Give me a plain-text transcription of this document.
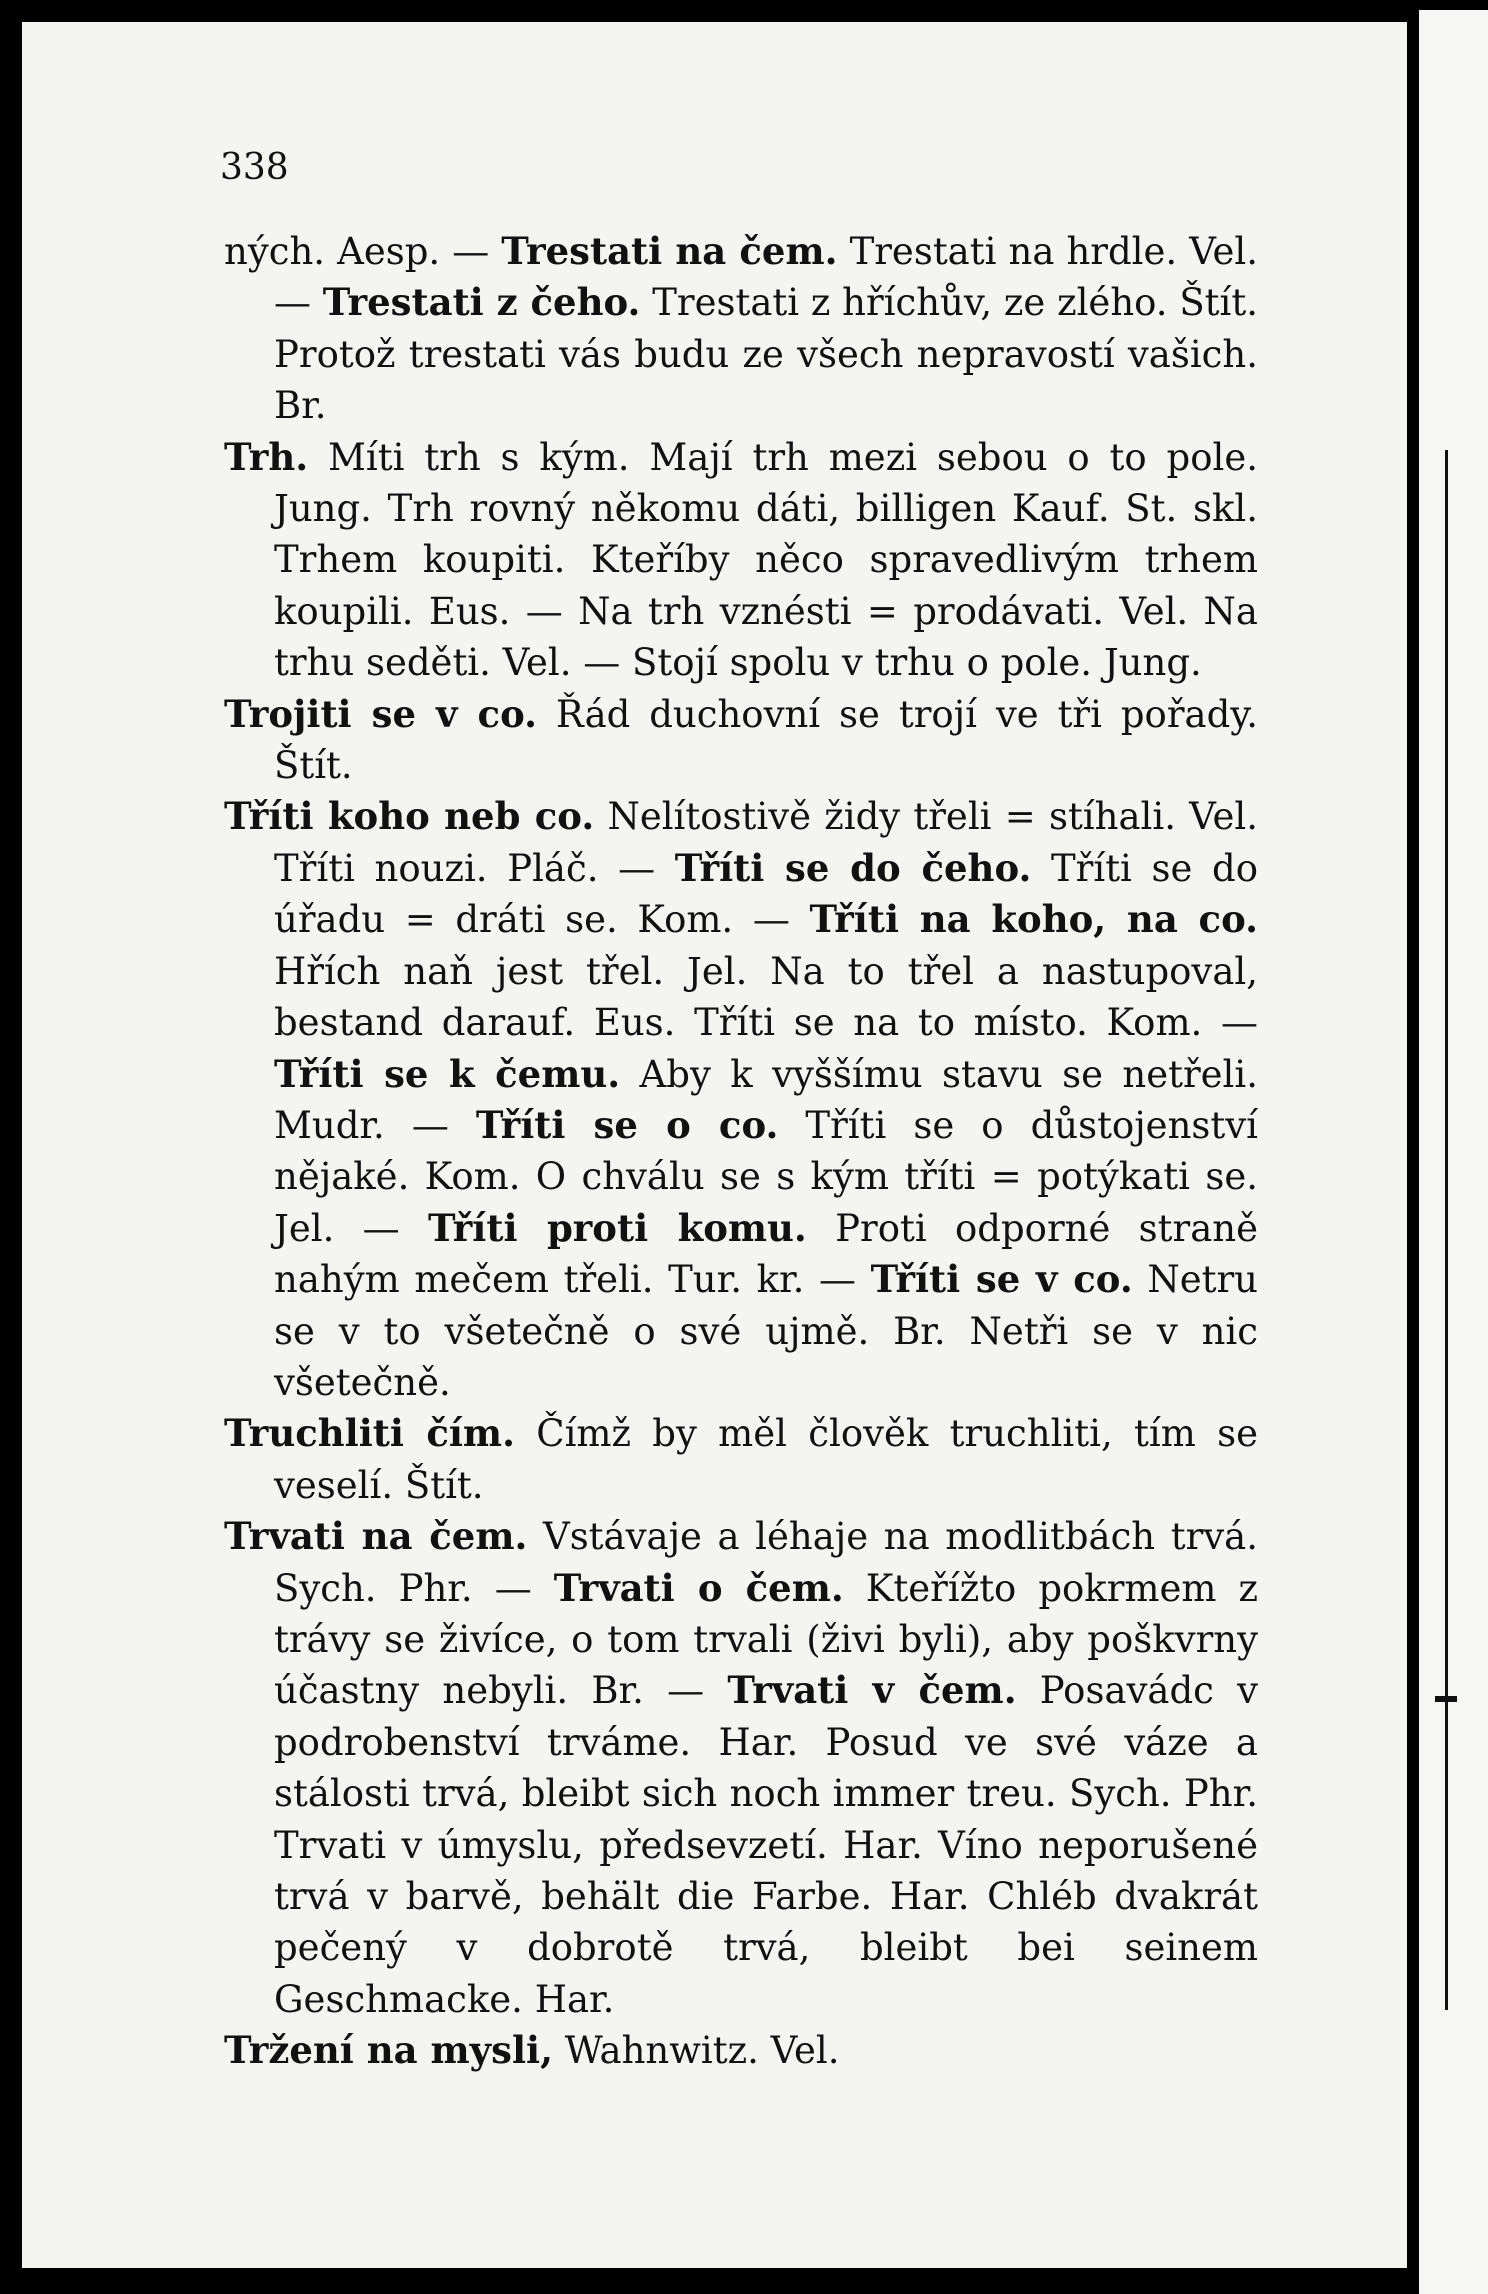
338

ných. Aesp. — Trestati na čem. Trestati na hrdle. Vel. — Trestati z čeho. Trestati z hříchův, ze zlého. Štít. Protož trestati vás budu ze všech nepravostí vašich. Br.

Trh. Míti trh s kým. Mají trh mezi sebou o to pole. Jung. Trh rovný někomu dáti, billigen Kauf. St. skl. Trhem koupiti. Kteříby něco spravedlivým trhem koupili. Eus. — Na trh vznésti = prodávati. Vel. Na trhu seděti. Vel. — Stojí spolu v trhu o pole. Jung.

Trojiti se v co. Řád duchovní se trojí ve tři pořady. Štít.

Tříti koho neb co. Nelítostivě židy třeli = stíhali. Vel. Tříti nouzi. Pláč. — Tříti se do čeho. Tříti se do úřadu = dráti se. Kom. — Tříti na koho, na co. Hřích naň jest třel. Jel. Na to třel a nastupoval, bestand darauf. Eus. Tříti se na to místo. Kom. — Tříti se k čemu. Aby k vyššímu stavu se netřeli. Mudr. — Tříti se o co. Tříti se o důstojenství nějaké. Kom. O chválu se s kým tříti = potýkati se. Jel. — Tříti proti komu. Proti odporné straně nahým mečem třeli. Tur. kr. — Tříti se v co. Netru se v to všetečně o své ujmě. Br. Netři se v nic všetečně.

Truchliti čím. Čímž by měl člověk truchliti, tím se veselí. Štít.

Trvati na čem. Vstávaje a léhaje na modlitbách trvá. Sych. Phr. — Trvati o čem. Kteřížto pokrmem z trávy se živíce, o tom trvali (živi byli), aby poškvrny účastny nebyli. Br. — Trvati v čem. Posavádc v podrobenství trváme. Har. Posud ve své váze a stálosti trvá, bleibt sich noch immer treu. Sych. Phr. Trvati v úmyslu, předsevzetí. Har. Víno neporušené trvá v barvě, behält die Farbe. Har. Chléb dvakrát pečený v dobrotě trvá, bleibt bei seinem Geschmacke. Har.

Tržení na mysli, Wahnwitz. Vel.
